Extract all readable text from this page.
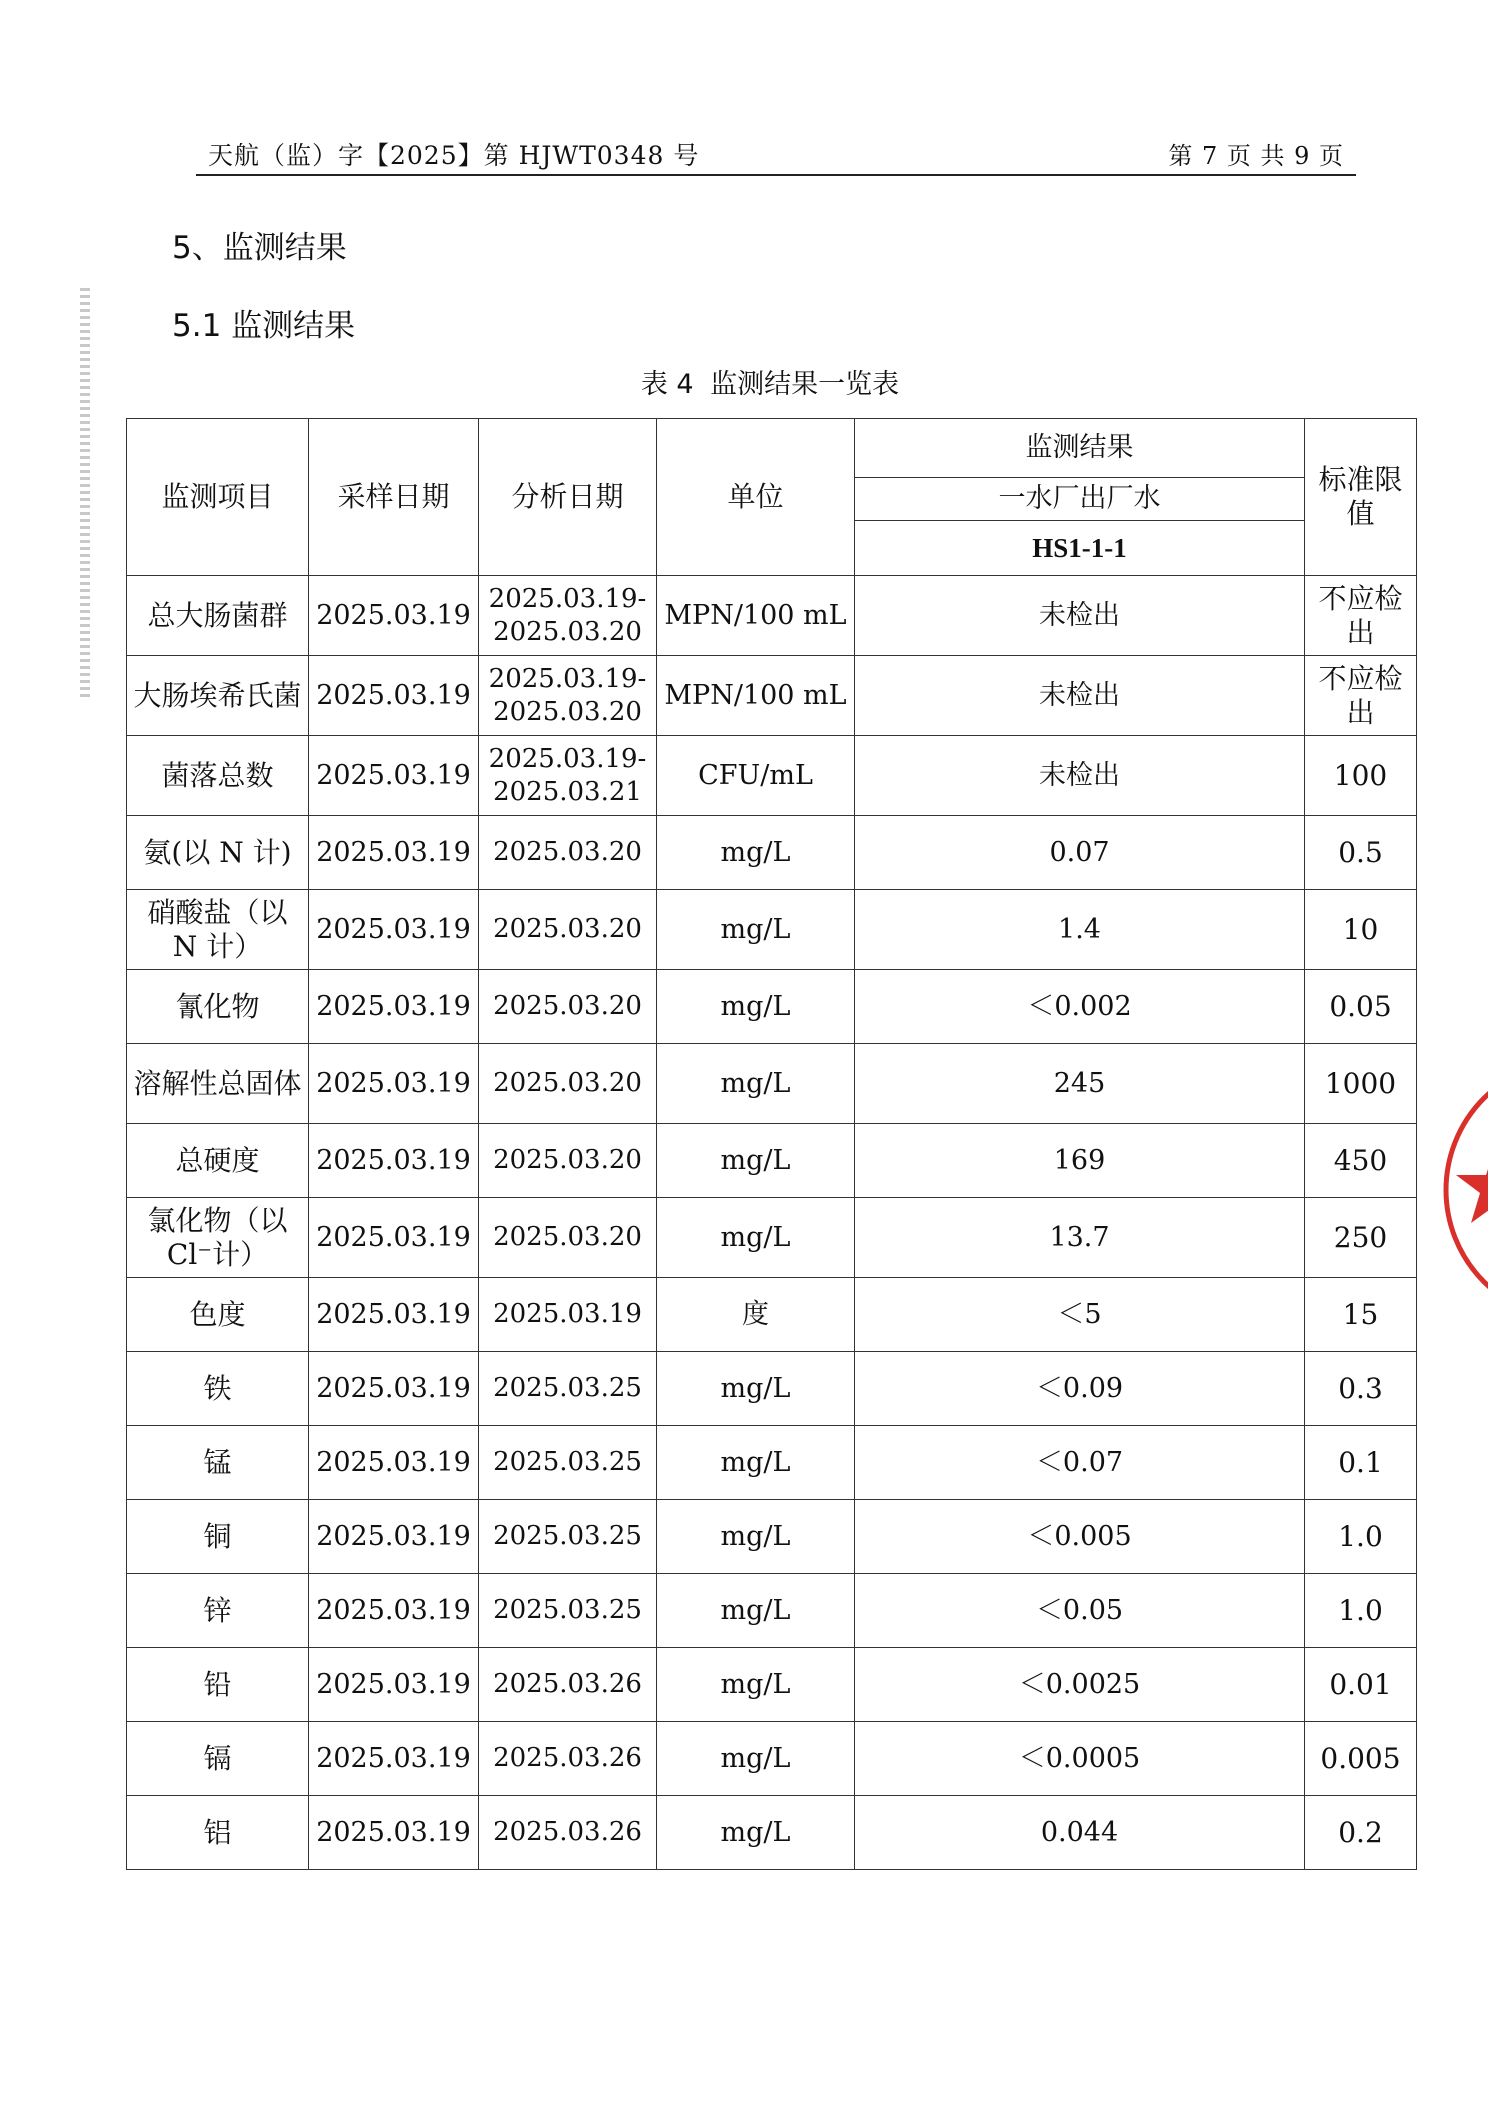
天航（监）字【2025】第 HJWT0348 号	第 7 页 共 9 页
5、监测结果
5.1 监测结果
表 4 监测结果一览表
监测项目	采样日期	分析日期	单位	监测结果	标准限值
				一水厂出厂水	
				HS1-1-1	
总大肠菌群	2025.03.19	2025.03.19-2025.03.20	MPN/100 mL	未检出	不应检出
大肠埃希氏菌	2025.03.19	2025.03.19-2025.03.20	MPN/100 mL	未检出	不应检出
菌落总数	2025.03.19	2025.03.19-2025.03.21	CFU/mL	未检出	100
氨(以 N 计)	2025.03.19	2025.03.20	mg/L	0.07	0.5
硝酸盐（以 N 计）	2025.03.19	2025.03.20	mg/L	1.4	10
氰化物	2025.03.19	2025.03.20	mg/L	＜0.002	0.05
溶解性总固体	2025.03.19	2025.03.20	mg/L	245	1000
总硬度	2025.03.19	2025.03.20	mg/L	169	450
氯化物（以 Cl⁻计）	2025.03.19	2025.03.20	mg/L	13.7	250
色度	2025.03.19	2025.03.19	度	＜5	15
铁	2025.03.19	2025.03.25	mg/L	＜0.09	0.3
锰	2025.03.19	2025.03.25	mg/L	＜0.07	0.1
铜	2025.03.19	2025.03.25	mg/L	＜0.005	1.0
锌	2025.03.19	2025.03.25	mg/L	＜0.05	1.0
铅	2025.03.19	2025.03.26	mg/L	＜0.0025	0.01
镉	2025.03.19	2025.03.26	mg/L	＜0.0005	0.005
铝	2025.03.19	2025.03.26	mg/L	0.044	0.2
